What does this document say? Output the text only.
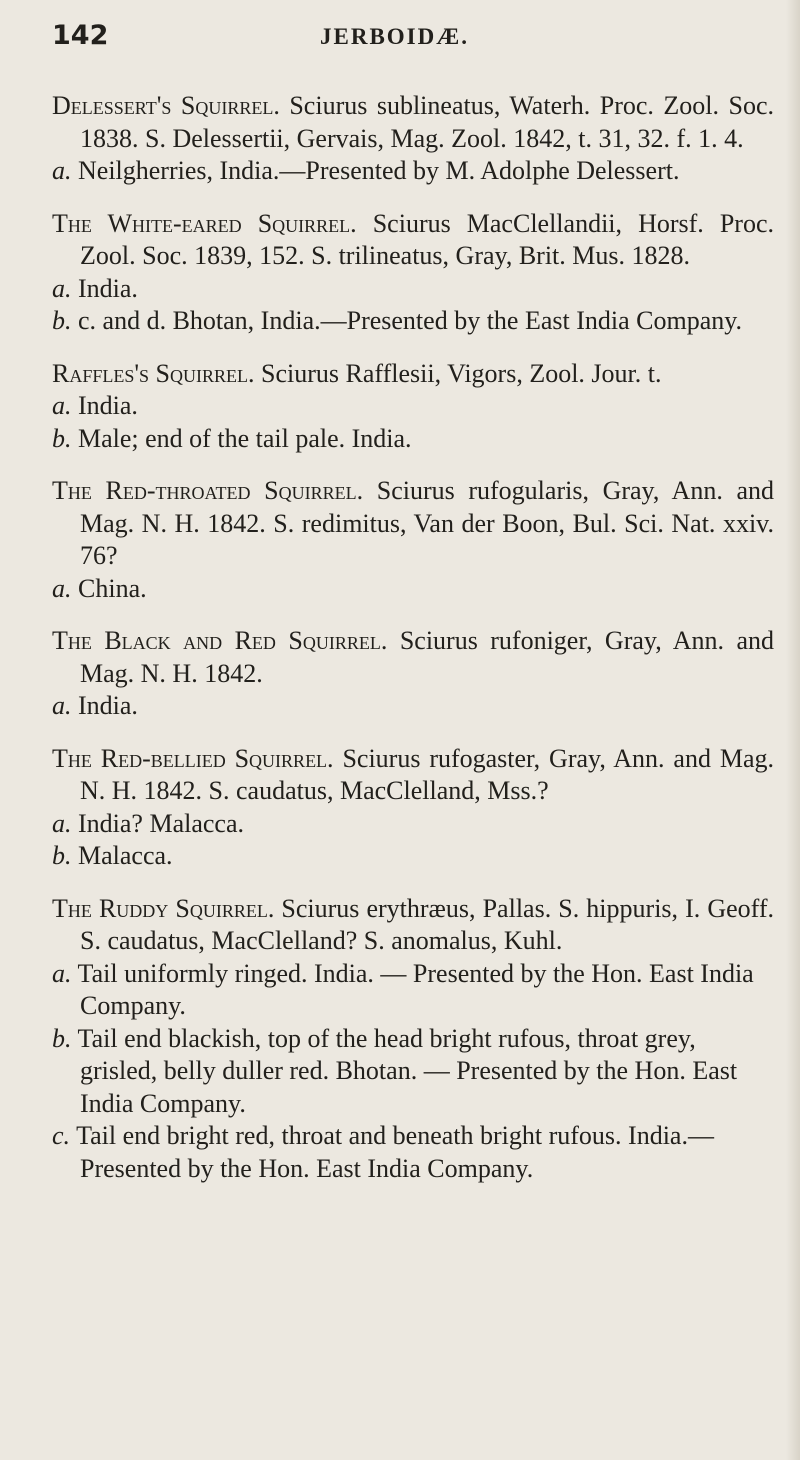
142	JERBOIDÆ.
Delessert's Squirrel. Sciurus sublineatus, Waterh. Proc. Zool. Soc. 1838. S. Delessertii, Gervais, Mag. Zool. 1842, t. 31, 32. f. 1. 4.
a. Neilgherries, India.—Presented by M. Adolphe Delessert.
The White-eared Squirrel. Sciurus MacClellandii, Horsf. Proc. Zool. Soc. 1839, 152. S. trilineatus, Gray, Brit. Mus. 1828.
a. India.
b. c. and d. Bhotan, India.—Presented by the East India Company.
Raffles's Squirrel. Sciurus Rafflesii, Vigors, Zool. Jour. t.
a. India.
b. Male; end of the tail pale. India.
The Red-throated Squirrel. Sciurus rufogularis, Gray, Ann. and Mag. N. H. 1842. S. redimitus, Van der Boon, Bul. Sci. Nat. xxiv. 76?
a. China.
The Black and Red Squirrel. Sciurus rufoniger, Gray, Ann. and Mag. N. H. 1842.
a. India.
The Red-bellied Squirrel. Sciurus rufogaster, Gray, Ann. and Mag. N. H. 1842. S. caudatus, MacClelland, Mss.?
a. India? Malacca.
b. Malacca.
The Ruddy Squirrel. Sciurus erythræus, Pallas. S. hippuris, I. Geoff. S. caudatus, MacClelland? S. anomalus, Kuhl.
a. Tail uniformly ringed. India. — Presented by the Hon. East India Company.
b. Tail end blackish, top of the head bright rufous, throat grey, grisled, belly duller red. Bhotan. — Presented by the Hon. East India Company.
c. Tail end bright red, throat and beneath bright rufous. India.—Presented by the Hon. East India Company.
